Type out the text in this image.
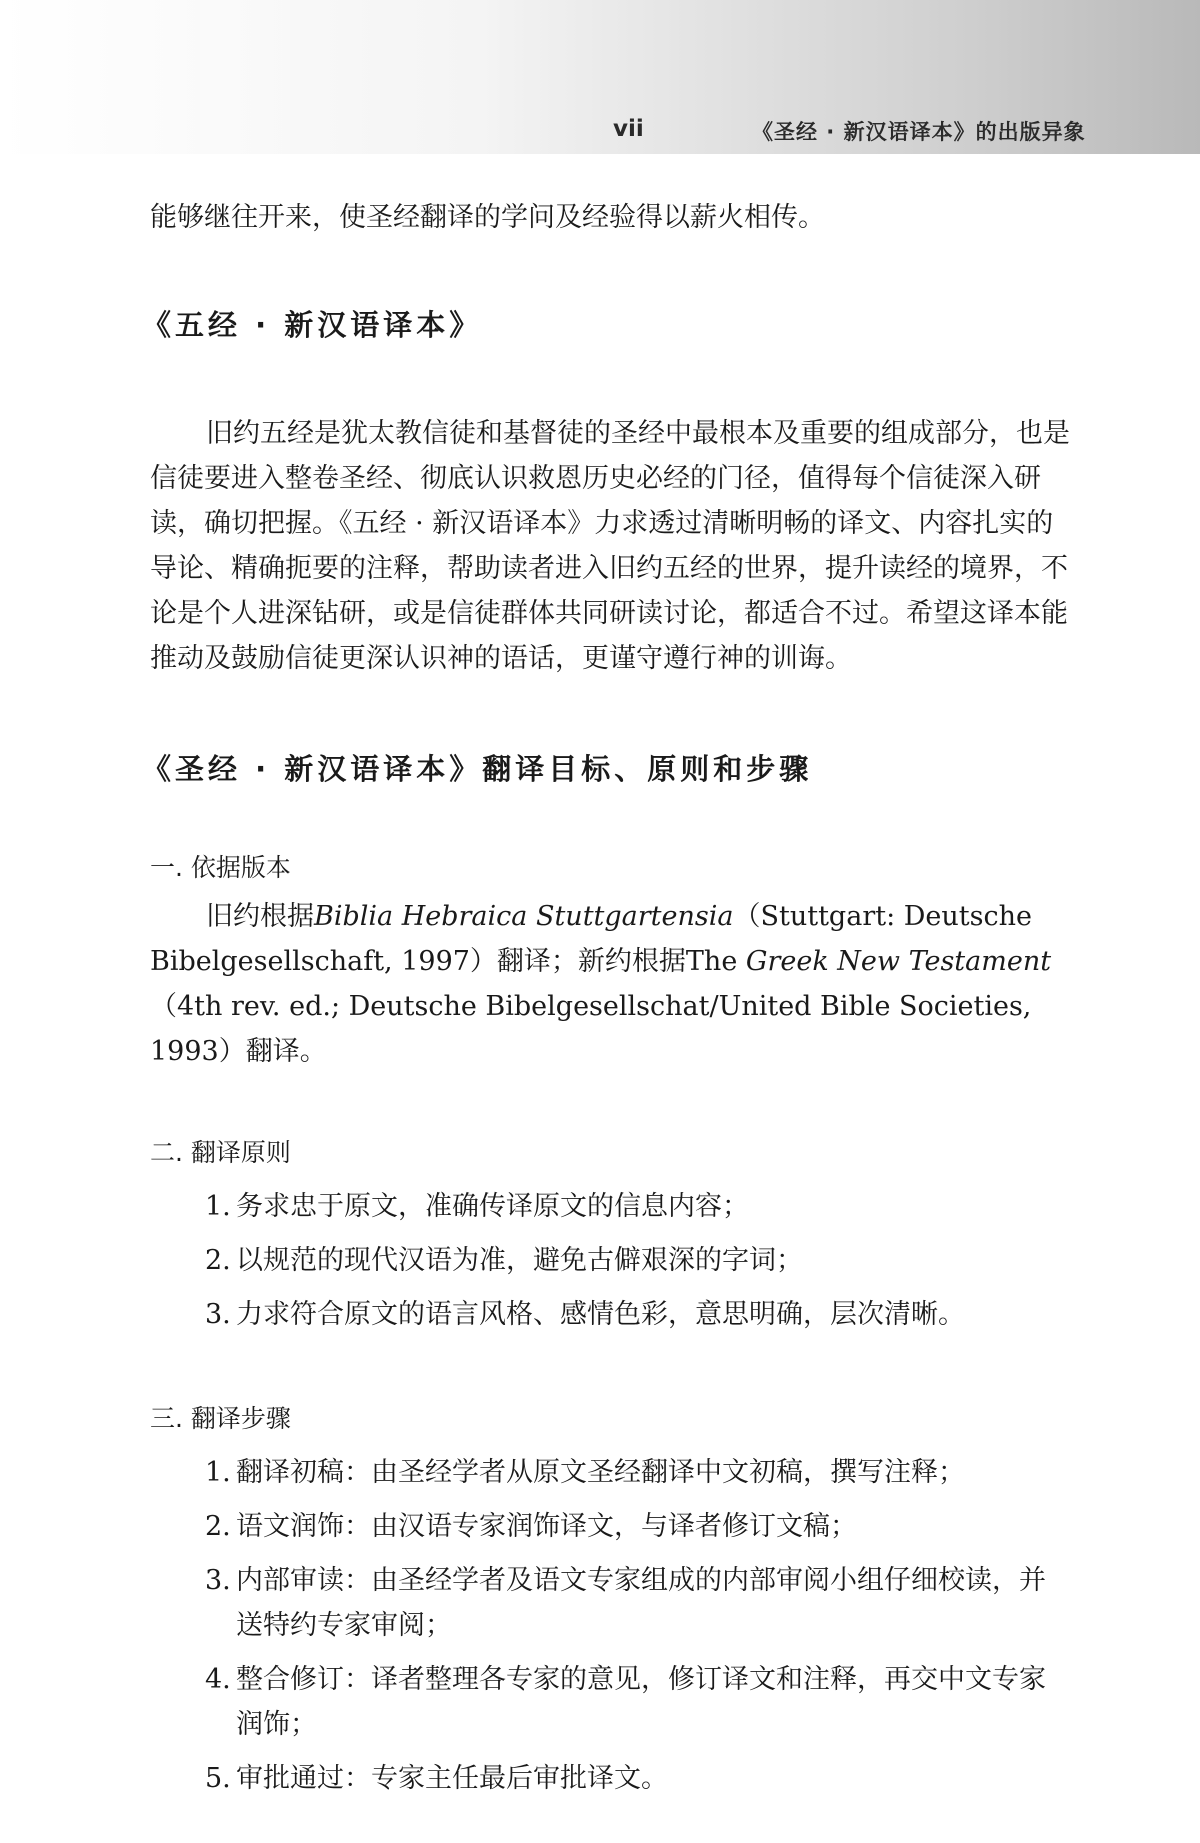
vii	《圣经 · 新汉语译本》的出版异象

能够继往开来，使圣经翻译的学问及经验得以薪火相传。

《五经 · 新汉语译本》

旧约五经是犹太教信徒和基督徒的圣经中最根本及重要的组成部分，也是信徒要进入整卷圣经、彻底认识救恩历史必经的门径，值得每个信徒深入研读，确切把握。《五经 · 新汉语译本》力求透过清晰明畅的译文、内容扎实的导论、精确扼要的注释，帮助读者进入旧约五经的世界，提升读经的境界，不论是个人进深钻研，或是信徒群体共同研读讨论，都适合不过。希望这译本能推动及鼓励信徒更深认识神的语话，更谨守遵行神的训诲。

《圣经 · 新汉语译本》翻译目标、原则和步骤

一. 依据版本

旧约根据Biblia Hebraica Stuttgartensia（Stuttgart: Deutsche Bibelgesellschaft, 1997）翻译；新约根据The Greek New Testament（4th rev. ed.; Deutsche Bibelgesellschat/United Bible Societies, 1993）翻译。

二. 翻译原则

1. 务求忠于原文，准确传译原文的信息内容；
2. 以规范的现代汉语为准，避免古僻艰深的字词；
3. 力求符合原文的语言风格、感情色彩，意思明确，层次清晰。

三. 翻译步骤

1. 翻译初稿：由圣经学者从原文圣经翻译中文初稿，撰写注释；
2. 语文润饰：由汉语专家润饰译文，与译者修订文稿；
3. 内部审读：由圣经学者及语文专家组成的内部审阅小组仔细校读，并送特约专家审阅；
4. 整合修订：译者整理各专家的意见，修订译文和注释，再交中文专家润饰；
5. 审批通过：专家主任最后审批译文。
